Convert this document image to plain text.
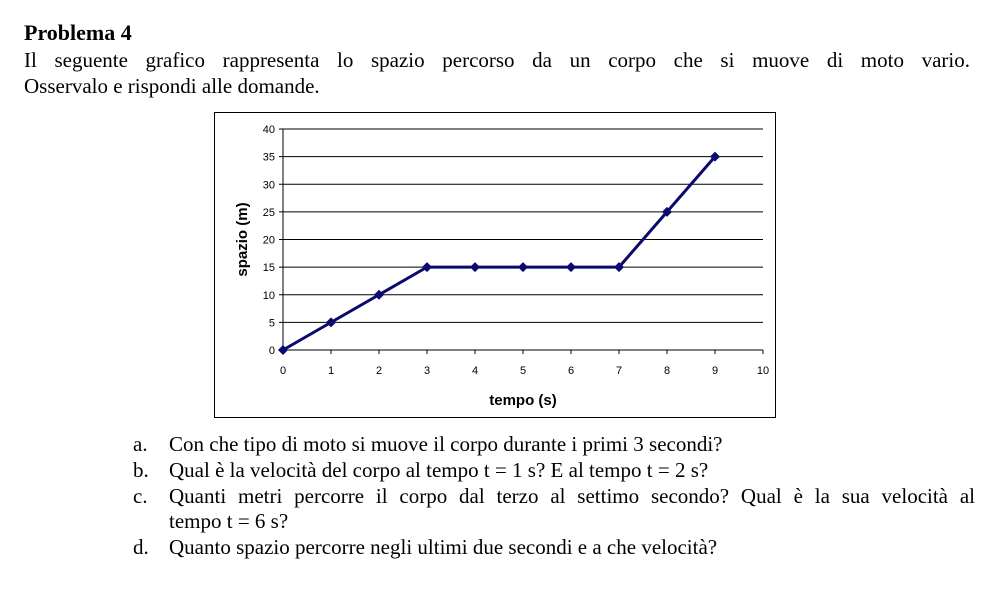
Problema 4
Il seguente grafico rappresenta lo spazio percorso da un corpo che si muove di moto vario.
Osservalo e rispondi alle domande.
0
5
10
15
20
25
30
35
40
0	1	2	3	4	5	6	7	8	9	10
tempo (s)
spazio (m)
a. Con che tipo di moto si muove il corpo durante i primi 3 secondi?
b. Qual è la velocità del corpo al tempo t = 1 s? E al tempo t = 2 s?
c. Quanti metri percorre il corpo dal terzo al settimo secondo? Qual è la sua velocità al
tempo t = 6 s?
d. Quanto spazio percorre negli ultimi due secondi e a che velocità?
